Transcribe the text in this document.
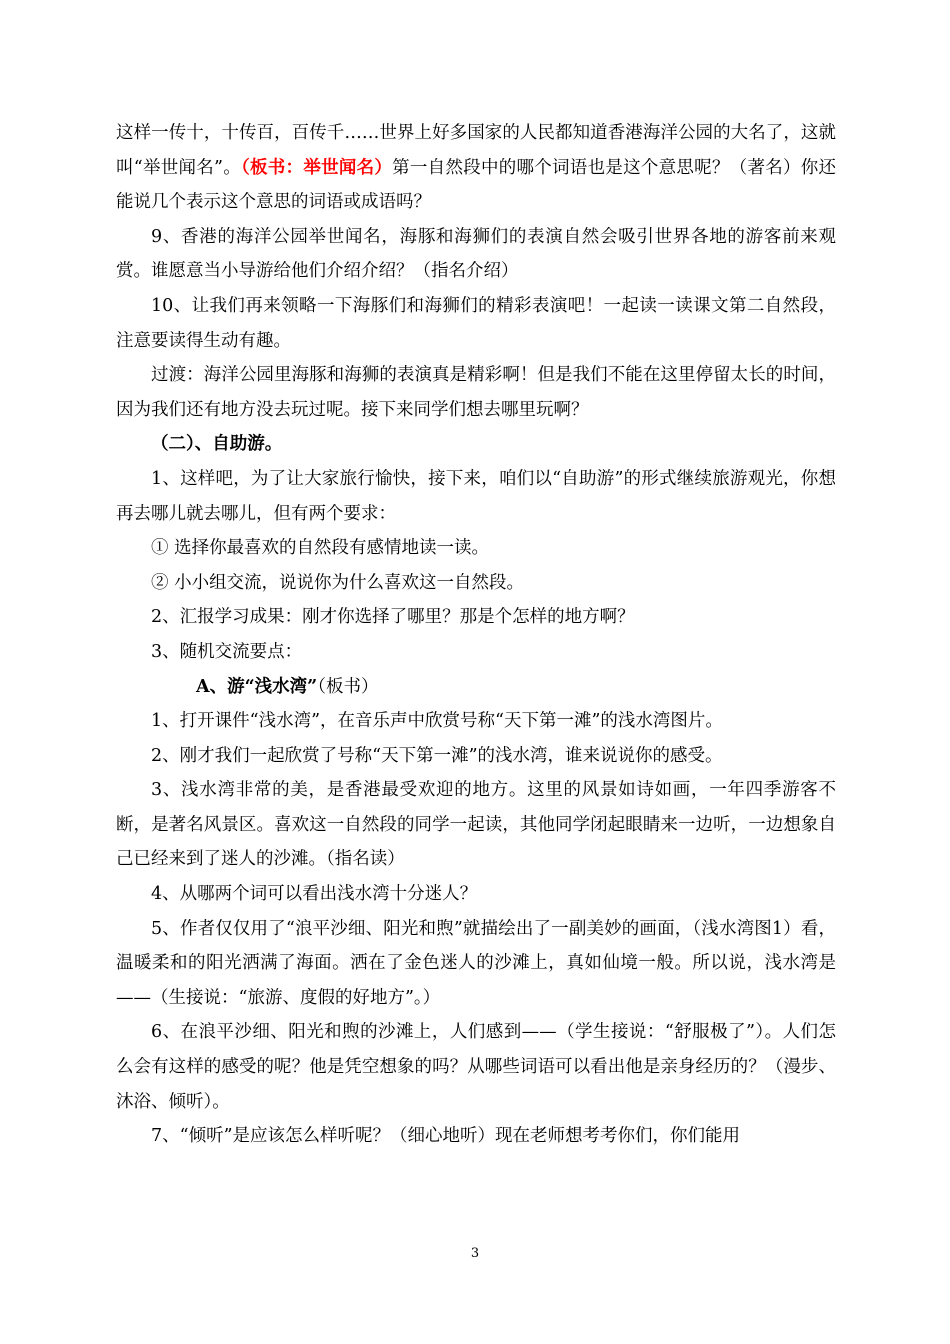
这样一传十，十传百，百传千……世界上好多国家的人民都知道香港海洋公园的大名了，这就叫“举世闻名”。（板书：举世闻名）第一自然段中的哪个词语也是这个意思呢？（著名）你还能说几个表示这个意思的词语或成语吗？

9、香港的海洋公园举世闻名，海豚和海狮们的表演自然会吸引世界各地的游客前来观赏。谁愿意当小导游给他们介绍介绍？（指名介绍）

10、让我们再来领略一下海豚们和海狮们的精彩表演吧！一起读一读课文第二自然段，注意要读得生动有趣。

过渡：海洋公园里海豚和海狮的表演真是精彩啊！但是我们不能在这里停留太长的时间，因为我们还有地方没去玩过呢。接下来同学们想去哪里玩啊？

（二）、自助游。

1、这样吧，为了让大家旅行愉快，接下来，咱们以“自助游”的形式继续旅游观光，你想再去哪儿就去哪儿，但有两个要求：

① 选择你最喜欢的自然段有感情地读一读。

② 小小组交流，说说你为什么喜欢这一自然段。

2、汇报学习成果：刚才你选择了哪里？那是个怎样的地方啊？

3、随机交流要点：

A、游“浅水湾”（板书）

1、打开课件“浅水湾”，在音乐声中欣赏号称“天下第一滩”的浅水湾图片。

2、刚才我们一起欣赏了号称“天下第一滩”的浅水湾，谁来说说你的感受。

3、浅水湾非常的美，是香港最受欢迎的地方。这里的风景如诗如画，一年四季游客不断，是著名风景区。喜欢这一自然段的同学一起读，其他同学闭起眼睛来一边听，一边想象自己已经来到了迷人的沙滩。（指名读）

4、从哪两个词可以看出浅水湾十分迷人？

5、作者仅仅用了“浪平沙细、阳光和煦”就描绘出了一副美妙的画面，（浅水湾图1）看，温暖柔和的阳光洒满了海面。洒在了金色迷人的沙滩上，真如仙境一般。所以说，浅水湾是——（生接说：“旅游、度假的好地方”。）

6、在浪平沙细、阳光和煦的沙滩上，人们感到——（学生接说：“舒服极了”）。人们怎么会有这样的感受的呢？他是凭空想象的吗？从哪些词语可以看出他是亲身经历的？（漫步、沐浴、倾听）。

7、“倾听”是应该怎么样听呢？（细心地听）现在老师想考考你们，你们能用

3
